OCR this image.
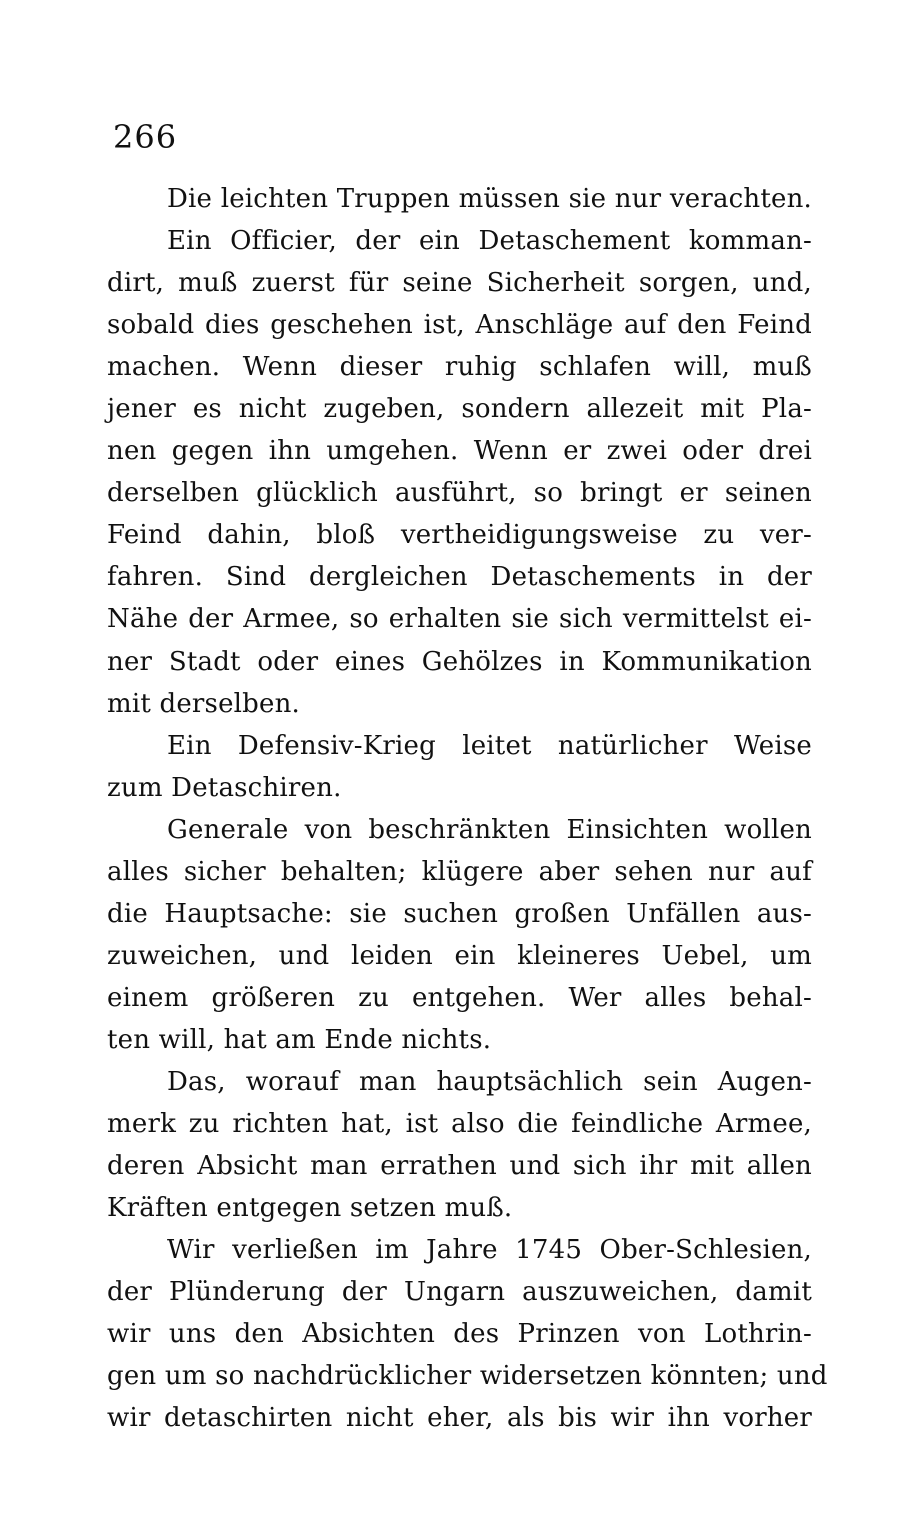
266
Die leichten Truppen müssen sie nur verachten.
Ein Officier, der ein Detaschement komman-
dirt, muß zuerst für seine Sicherheit sorgen, und,
sobald dies geschehen ist, Anschläge auf den Feind
machen. Wenn dieser ruhig schlafen will, muß
jener es nicht zugeben, sondern allezeit mit Pla-
nen gegen ihn umgehen. Wenn er zwei oder drei
derselben glücklich ausführt, so bringt er seinen
Feind dahin, bloß vertheidigungsweise zu ver-
fahren. Sind dergleichen Detaschements in der
Nähe der Armee, so erhalten sie sich vermittelst ei-
ner Stadt oder eines Gehölzes in Kommunikation
mit derselben.
Ein Defensiv-Krieg leitet natürlicher Weise
zum Detaschiren.
Generale von beschränkten Einsichten wollen
alles sicher behalten; klügere aber sehen nur auf
die Hauptsache: sie suchen großen Unfällen aus-
zuweichen, und leiden ein kleineres Uebel, um
einem größeren zu entgehen. Wer alles behal-
ten will, hat am Ende nichts.
Das, worauf man hauptsächlich sein Augen-
merk zu richten hat, ist also die feindliche Armee,
deren Absicht man errathen und sich ihr mit allen
Kräften entgegen setzen muß.
Wir verließen im Jahre 1745 Ober-Schlesien,
der Plünderung der Ungarn auszuweichen, damit
wir uns den Absichten des Prinzen von Lothrin-
gen um so nachdrücklicher widersetzen könnten; und
wir detaschirten nicht eher, als bis wir ihn vorher
